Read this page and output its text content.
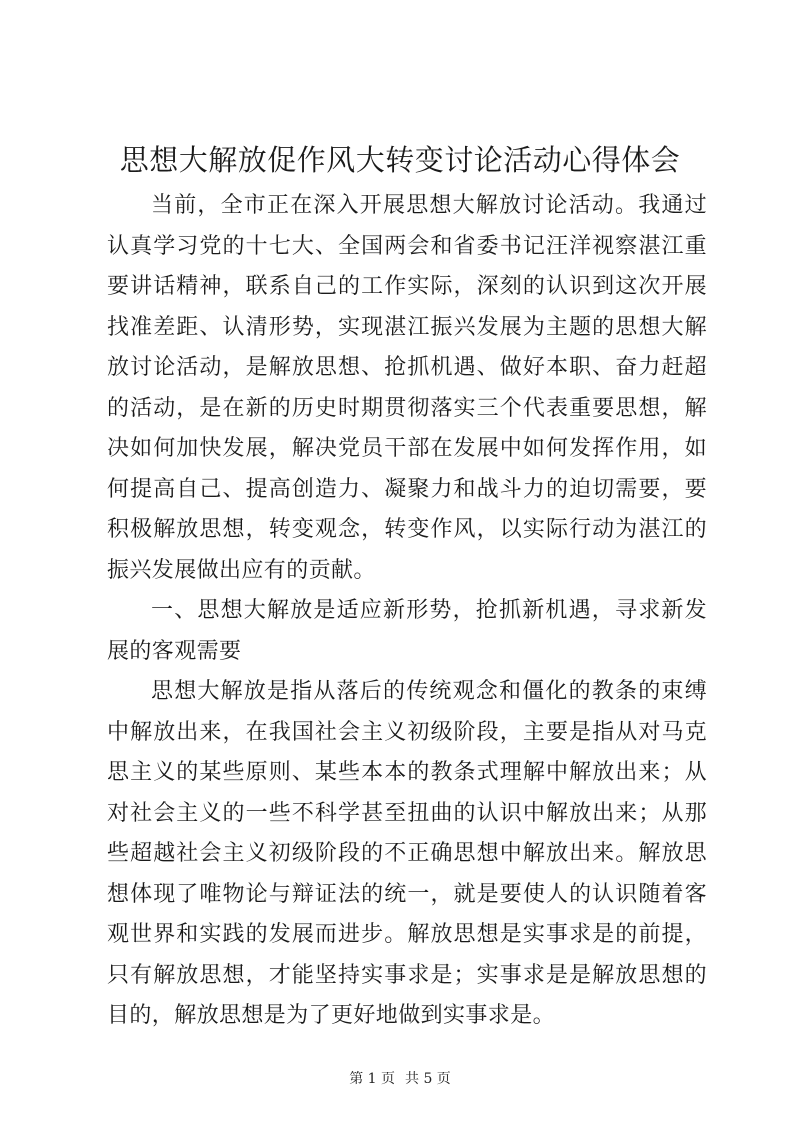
思想大解放促作风大转变讨论活动心得体会

当前，全市正在深入开展思想大解放讨论活动。我通过认真学习党的十七大、全国两会和省委书记汪洋视察湛江重要讲话精神，联系自己的工作实际，深刻的认识到这次开展找准差距、认清形势，实现湛江振兴发展为主题的思想大解放讨论活动，是解放思想、抢抓机遇、做好本职、奋力赶超的活动，是在新的历史时期贯彻落实三个代表重要思想，解决如何加快发展，解决党员干部在发展中如何发挥作用，如何提高自己、提高创造力、凝聚力和战斗力的迫切需要，要积极解放思想，转变观念，转变作风，以实际行动为湛江的振兴发展做出应有的贡献。

一、思想大解放是适应新形势，抢抓新机遇，寻求新发展的客观需要

思想大解放是指从落后的传统观念和僵化的教条的束缚中解放出来，在我国社会主义初级阶段，主要是指从对马克思主义的某些原则、某些本本的教条式理解中解放出来；从对社会主义的一些不科学甚至扭曲的认识中解放出来；从那些超越社会主义初级阶段的不正确思想中解放出来。解放思想体现了唯物论与辩证法的统一，就是要使人的认识随着客观世界和实践的发展而进步。解放思想是实事求是的前提，只有解放思想，才能坚持实事求是；实事求是是解放思想的目的，解放思想是为了更好地做到实事求是。

第 1 页 共 5 页
